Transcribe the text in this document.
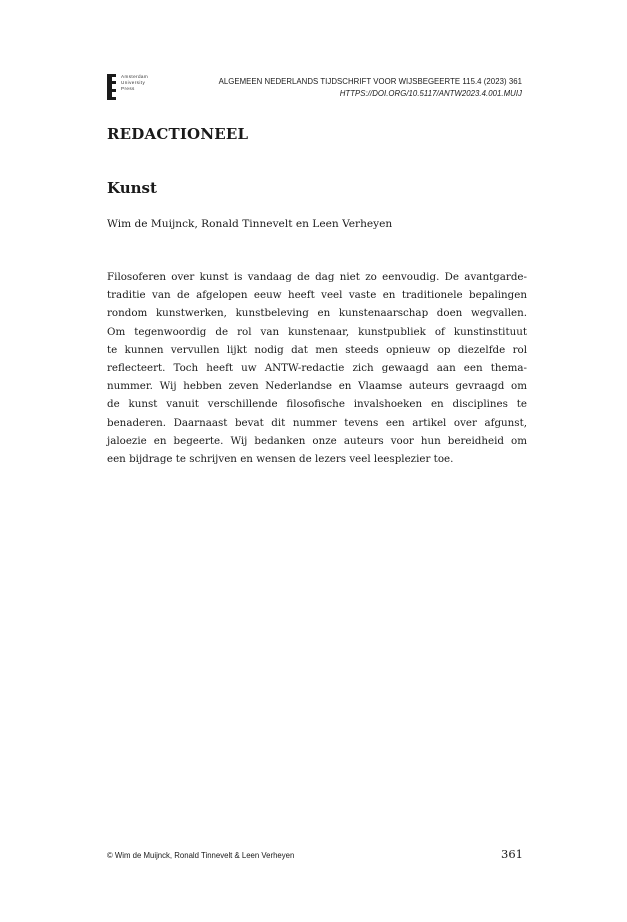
Amsterdam
University
Press
ALGEMEEN NEDERLANDS TIJDSCHRIFT VOOR WIJSBEGEERTE 115.4 (2023) 361
HTTPS://DOI.ORG/10.5117/ANTW2023.4.001.MUIJ
REDACTIONEEL
Kunst
Wim de Muijnck, Ronald Tinnevelt en Leen Verheyen

Filosoferen over kunst is vandaag de dag niet zo eenvoudig. De avantgarde-
traditie van de afgelopen eeuw heeft veel vaste en traditionele bepalingen
rondom kunstwerken, kunstbeleving en kunstenaarschap doen wegvallen.
Om tegenwoordig de rol van kunstenaar, kunstpubliek of kunstinstituut
te kunnen vervullen lijkt nodig dat men steeds opnieuw op diezelfde rol
reflecteert. Toch heeft uw ANTW-redactie zich gewaagd aan een thema-
nummer. Wij hebben zeven Nederlandse en Vlaamse auteurs gevraagd om
de kunst vanuit verschillende filosofische invalshoeken en disciplines te
benaderen. Daarnaast bevat dit nummer tevens een artikel over afgunst,
jaloezie en begeerte. Wij bedanken onze auteurs voor hun bereidheid om
een bijdrage te schrijven en wensen de lezers veel leesplezier toe.

© Wim de Muijnck, Ronald Tinnevelt & Leen Verheyen	361
